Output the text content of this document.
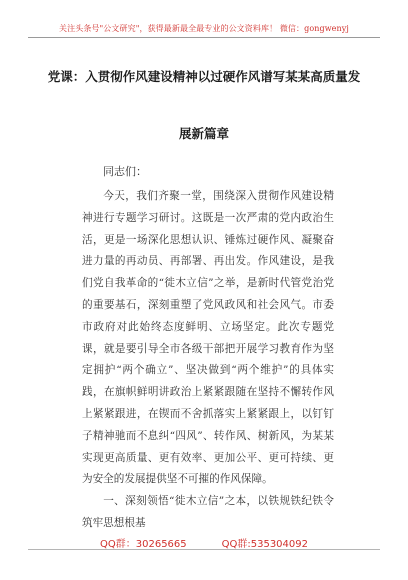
关注头条号"公文研究"，获得最新最全最专业的公文资料库！ 微信：gongwenyj
党课：入贯彻作风建设精神以过硬作风谱写某某高质量发
展新篇章
同志们：

今天，我们齐聚一堂，围绕深入贯彻作风建设精神进行专题学习研讨。这既是一次严肃的党内政治生活，更是一场深化思想认识、锤炼过硬作风、凝聚奋进力量的再动员、再部署、再出发。作风建设，是我们党自我革命的“徙木立信”之举，是新时代管党治党的重要基石，深刻重塑了党风政风和社会风气。市委市政府对此始终态度鲜明、立场坚定。此次专题党课，就是要引导全市各级干部把开展学习教育作为坚定拥护“两个确立”、坚决做到“两个维护”的具体实践，在旗帜鲜明讲政治上紧紧跟随在坚持不懈转作风上紧紧跟进，在锲而不舍抓落实上紧紧跟上，以钉钉子精神驰而不息纠“四风”、转作风、树新风，为某某实现更高质量、更有效率、更加公平、更可持续、更为安全的发展提供坚不可摧的作风保障。

一、深刻领悟“徙木立信”之本，以铁规铁纪铁令筑牢思想根基

QQ群：30265665	QQ群:535304092
